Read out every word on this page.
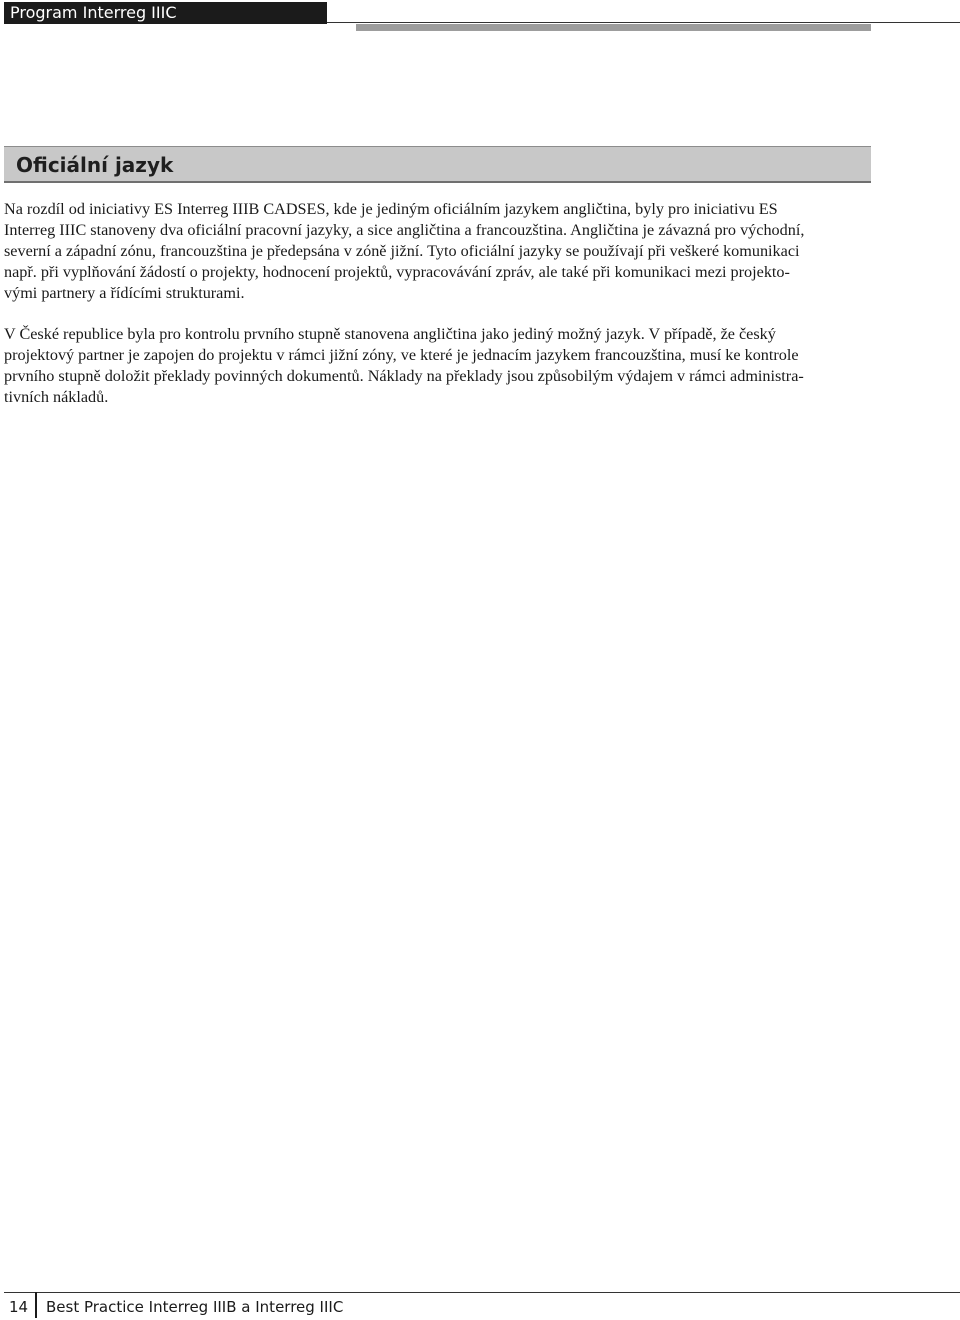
Program Interreg IIIC
Oficiální jazyk

Na rozdíl od iniciativy ES Interreg IIIB CADSES, kde je jediným oficiálním jazykem angličtina, byly pro iniciativu ES
Interreg IIIC stanoveny dva oficiální pracovní jazyky, a sice angličtina a francouzština. Angličtina je závazná pro východní,
severní a západní zónu, francouzština je předepsána v zóně jižní. Tyto oficiální jazyky se používají při veškeré komunikaci
např. při vyplňování žádostí o projekty, hodnocení projektů, vypracovávání zpráv, ale také při komunikaci mezi projekto-
vými partnery a řídícími strukturami.

V České republice byla pro kontrolu prvního stupně stanovena angličtina jako jediný možný jazyk. V případě, že český
projektový partner je zapojen do projektu v rámci jižní zóny, ve které je jednacím jazykem francouzština, musí ke kontrole
prvního stupně doložit překlady povinných dokumentů. Náklady na překlady jsou způsobilým výdajem v rámci administra-
tivních nákladů.

14	Best Practice Interreg IIIB a Interreg IIIC
